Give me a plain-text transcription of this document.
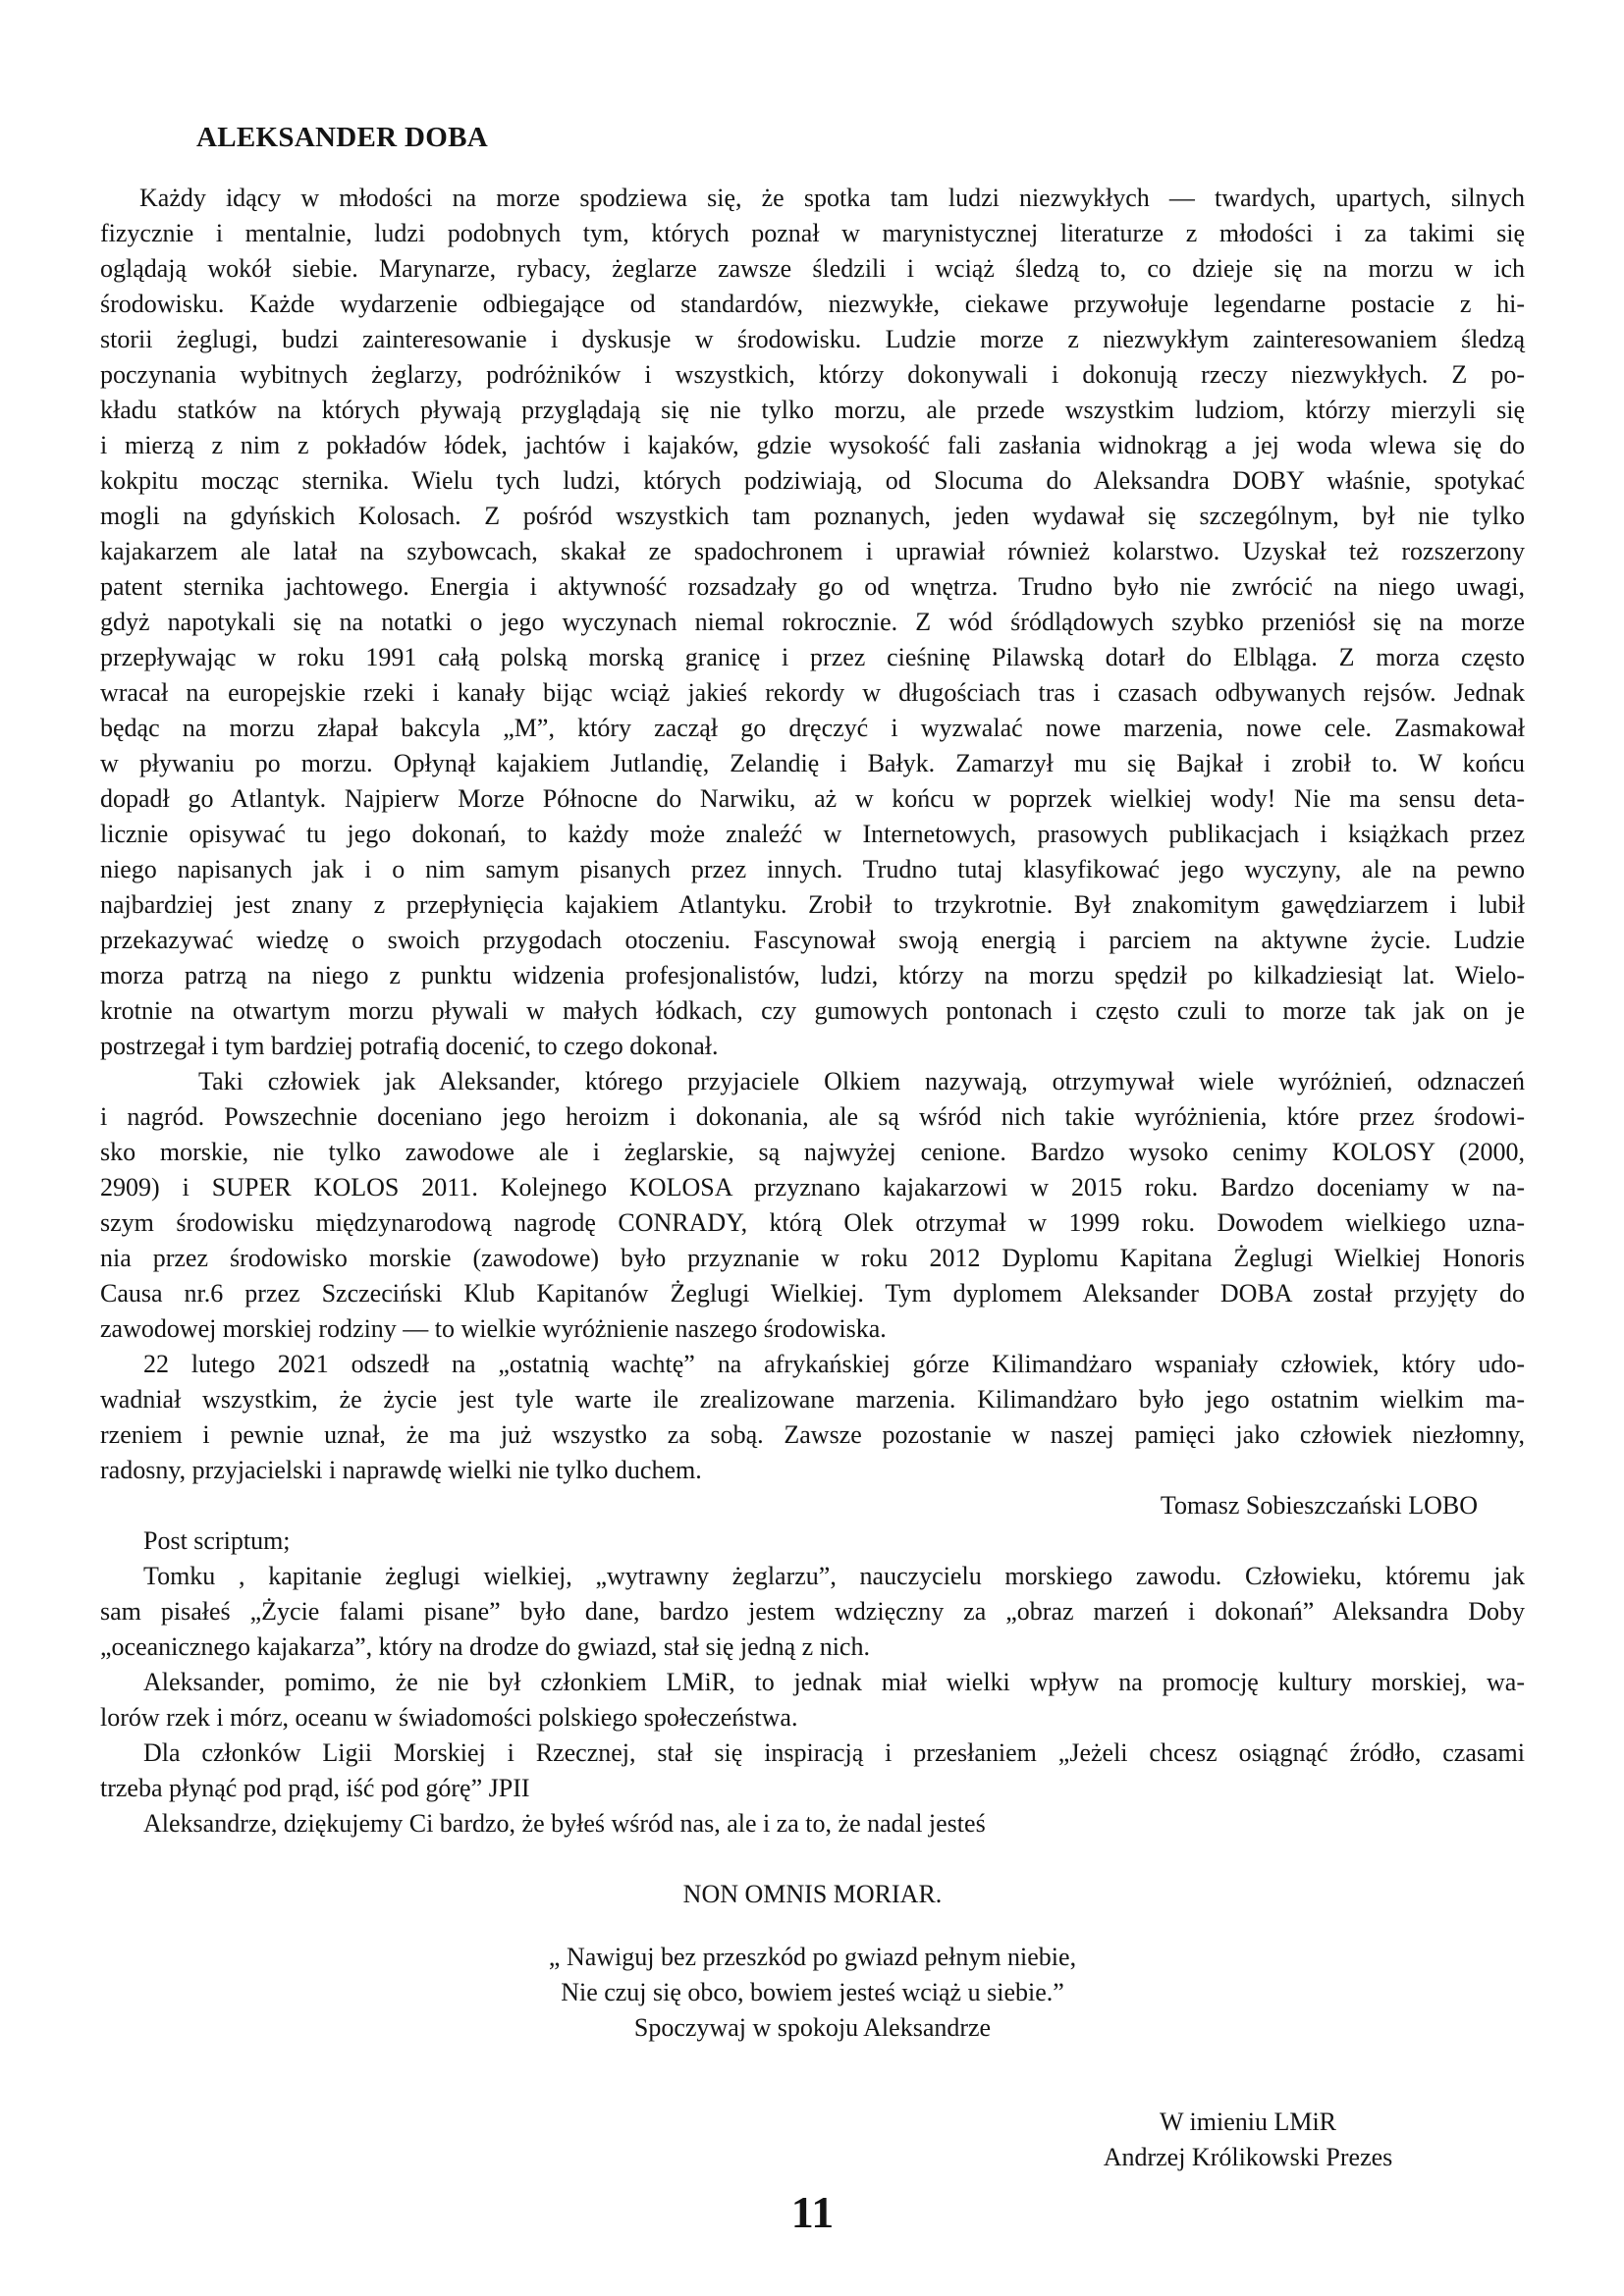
ALEKSANDER DOBA
Każdy idący w młodości na morze spodziewa się, że spotka tam ludzi niezwykłych — twardych, upartych, silnych
fizycznie i mentalnie, ludzi podobnych tym, których poznał w marynistycznej literaturze z młodości i za takimi się
oglądają wokół siebie. Marynarze, rybacy, żeglarze zawsze śledzili i wciąż śledzą to, co dzieje się na morzu w ich
środowisku. Każde wydarzenie odbiegające od standardów, niezwykłe, ciekawe przywołuje legendarne postacie z hi-
storii żeglugi, budzi zainteresowanie i dyskusje w środowisku. Ludzie morze z niezwykłym zainteresowaniem śledzą
poczynania wybitnych żeglarzy, podróżników i wszystkich, którzy dokonywali i dokonują rzeczy niezwykłych. Z po-
kładu statków na których pływają przyglądają się nie tylko morzu, ale przede wszystkim ludziom, którzy mierzyli się
i mierzą z nim z pokładów łódek, jachtów i kajaków, gdzie wysokość fali zasłania widnokrąg a jej woda wlewa się do
kokpitu mocząc sternika. Wielu tych ludzi, których podziwiają, od Slocuma do Aleksandra DOBY właśnie, spotykać
mogli na gdyńskich Kolosach. Z pośród wszystkich tam poznanych, jeden wydawał się szczególnym, był nie tylko
kajakarzem ale latał na szybowcach, skakał ze spadochronem i uprawiał również kolarstwo. Uzyskał też rozszerzony
patent sternika jachtowego. Energia i aktywność rozsadzały go od wnętrza. Trudno było nie zwrócić na niego uwagi,
gdyż napotykali się na notatki o jego wyczynach niemal rokrocznie. Z wód śródlądowych szybko przeniósł się na morze
przepływając w roku 1991 całą polską morską granicę i przez cieśninę Pilawską dotarł do Elbląga. Z morza często
wracał na europejskie rzeki i kanały bijąc wciąż jakieś rekordy w długościach tras i czasach odbywanych rejsów. Jednak
będąc na morzu złapał bakcyla „M”, który zaczął go dręczyć i wyzwalać nowe marzenia, nowe cele. Zasmakował
w pływaniu po morzu. Opłynął kajakiem Jutlandię, Zelandię i Bałyk. Zamarzył mu się Bajkał i zrobił to. W końcu
dopadł go Atlantyk. Najpierw Morze Północne do Narwiku, aż w końcu w poprzek wielkiej wody! Nie ma sensu deta-
licznie opisywać tu jego dokonań, to każdy może znaleźć w Internetowych, prasowych publikacjach i książkach przez
niego napisanych jak i o nim samym pisanych przez innych. Trudno tutaj klasyfikować jego wyczyny, ale na pewno
najbardziej jest znany z przepłynięcia kajakiem Atlantyku. Zrobił to trzykrotnie. Był znakomitym gawędziarzem i lubił
przekazywać wiedzę o swoich przygodach otoczeniu. Fascynował swoją energią i parciem na aktywne życie. Ludzie
morza patrzą na niego z punktu widzenia profesjonalistów, ludzi, którzy na morzu spędził po kilkadziesiąt lat. Wielo-
krotnie na otwartym morzu pływali w małych łódkach, czy gumowych pontonach i często czuli to morze tak jak on je
postrzegał i tym bardziej potrafią docenić, to czego dokonał.
Taki człowiek jak Aleksander, którego przyjaciele Olkiem nazywają, otrzymywał wiele wyróżnień, odznaczeń
i nagród. Powszechnie doceniano jego heroizm i dokonania, ale są wśród nich takie wyróżnienia, które przez środowi-
sko morskie, nie tylko zawodowe ale i żeglarskie, są najwyżej cenione. Bardzo wysoko cenimy KOLOSY (2000,
2909) i SUPER KOLOS 2011. Kolejnego KOLOSA przyznano kajakarzowi w 2015 roku. Bardzo doceniamy w na-
szym środowisku międzynarodową nagrodę CONRADY, którą Olek otrzymał w 1999 roku. Dowodem wielkiego uzna-
nia przez środowisko morskie (zawodowe) było przyznanie w roku 2012 Dyplomu Kapitana Żeglugi Wielkiej Honoris
Causa nr.6 przez Szczeciński Klub Kapitanów Żeglugi Wielkiej. Tym dyplomem Aleksander DOBA został przyjęty do
zawodowej morskiej rodziny — to wielkie wyróżnienie naszego środowiska.
22 lutego 2021 odszedł na „ostatnią wachtę” na afrykańskiej górze Kilimandżaro wspaniały człowiek, który udo-
wadniał wszystkim, że życie jest tyle warte ile zrealizowane marzenia. Kilimandżaro było jego ostatnim wielkim ma-
rzeniem i pewnie uznał, że ma już wszystko za sobą. Zawsze pozostanie w naszej pamięci jako człowiek niezłomny,
radosny, przyjacielski i naprawdę wielki nie tylko duchem.
Tomasz Sobieszczański LOBO
Post scriptum;
Tomku , kapitanie żeglugi wielkiej, „wytrawny żeglarzu”, nauczycielu morskiego zawodu. Człowieku, któremu jak
sam pisałeś „Życie falami pisane” było dane, bardzo jestem wdzięczny za „obraz marzeń i dokonań” Aleksandra Doby
„oceanicznego kajakarza”, który na drodze do gwiazd, stał się jedną z nich.
Aleksander, pomimo, że nie był członkiem LMiR, to jednak miał wielki wpływ na promocję kultury morskiej, wa-
lorów rzek i mórz, oceanu w świadomości polskiego społeczeństwa.
Dla członków Ligii Morskiej i Rzecznej, stał się inspiracją i przesłaniem „Jeżeli chcesz osiągnąć źródło, czasami
trzeba płynąć pod prąd, iść pod górę” JPII
Aleksandrze, dziękujemy Ci bardzo, że byłeś wśród nas, ale i za to, że nadal jesteś
NON OMNIS MORIAR.
„ Nawiguj bez przeszkód po gwiazd pełnym niebie,
Nie czuj się obco, bowiem jesteś wciąż u siebie.”
Spoczywaj w spokoju Aleksandrze
W imieniu LMiR
Andrzej Królikowski Prezes
11
